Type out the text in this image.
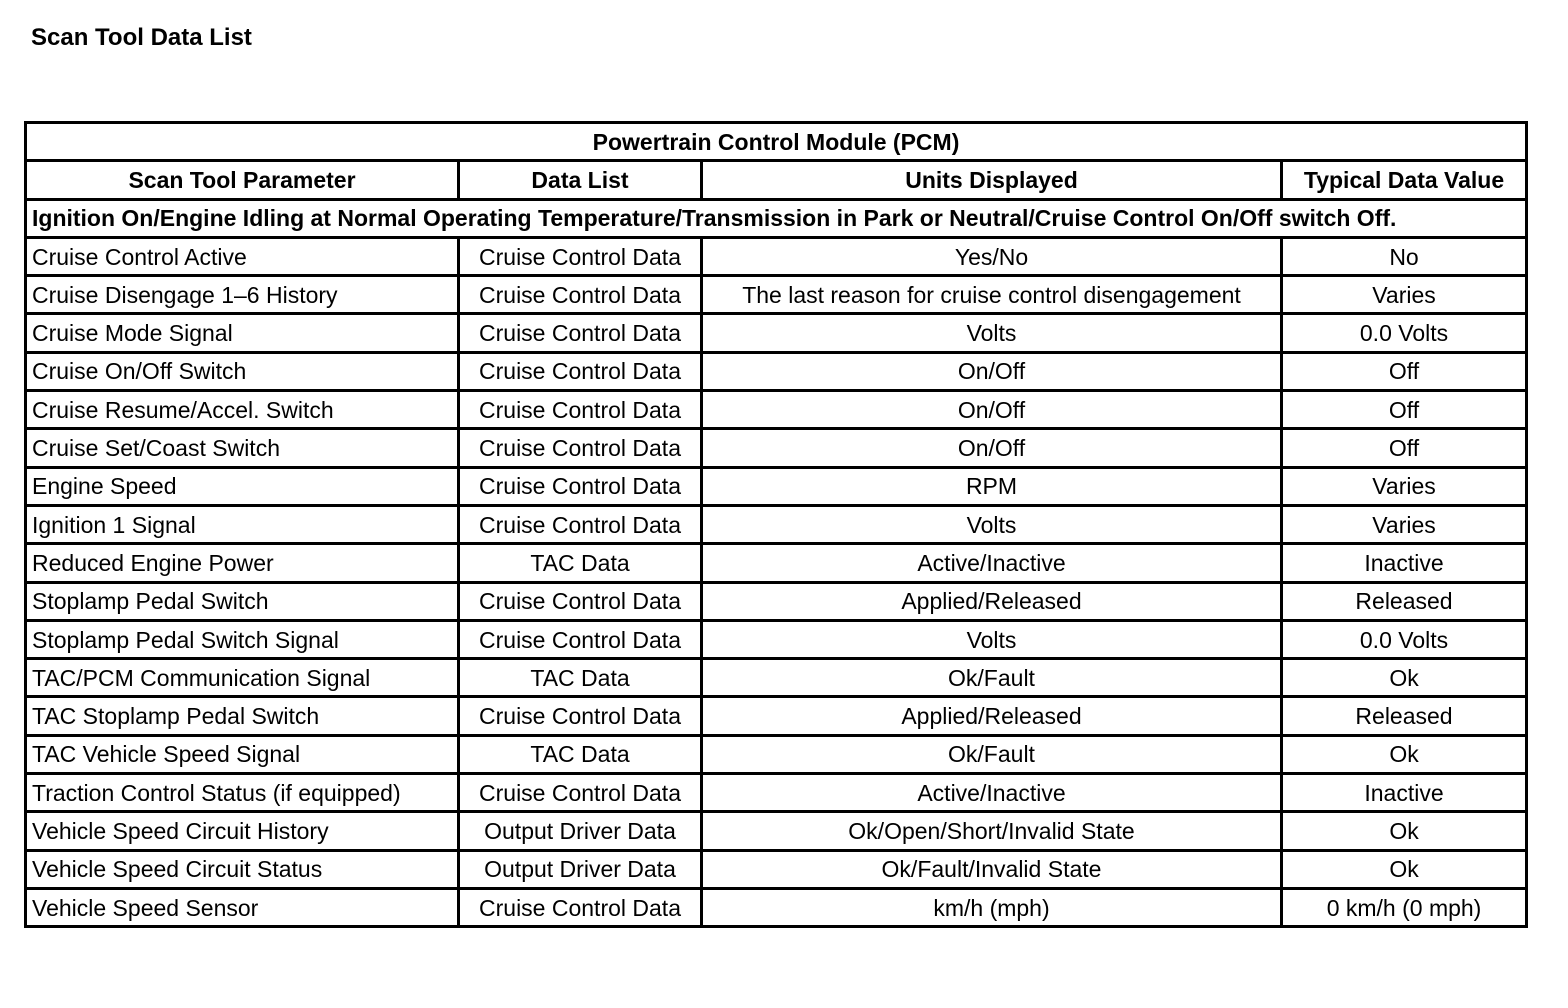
Scan Tool Data List
Powertrain Control Module (PCM)			
Scan Tool Parameter	Data List	Units Displayed	Typical Data Value
Ignition On/Engine Idling at Normal Operating Temperature/Transmission in Park or Neutral/Cruise Control On/Off switch Off.			
Cruise Control Active	Cruise Control Data	Yes/No	No
Cruise Disengage 1–6 History	Cruise Control Data	The last reason for cruise control disengagement	Varies
Cruise Mode Signal	Cruise Control Data	Volts	0.0 Volts
Cruise On/Off Switch	Cruise Control Data	On/Off	Off
Cruise Resume/Accel. Switch	Cruise Control Data	On/Off	Off
Cruise Set/Coast Switch	Cruise Control Data	On/Off	Off
Engine Speed	Cruise Control Data	RPM	Varies
Ignition 1 Signal	Cruise Control Data	Volts	Varies
Reduced Engine Power	TAC Data	Active/Inactive	Inactive
Stoplamp Pedal Switch	Cruise Control Data	Applied/Released	Released
Stoplamp Pedal Switch Signal	Cruise Control Data	Volts	0.0 Volts
TAC/PCM Communication Signal	TAC Data	Ok/Fault	Ok
TAC Stoplamp Pedal Switch	Cruise Control Data	Applied/Released	Released
TAC Vehicle Speed Signal	TAC Data	Ok/Fault	Ok
Traction Control Status (if equipped)	Cruise Control Data	Active/Inactive	Inactive
Vehicle Speed Circuit History	Output Driver Data	Ok/Open/Short/Invalid State	Ok
Vehicle Speed Circuit Status	Output Driver Data	Ok/Fault/Invalid State	Ok
Vehicle Speed Sensor	Cruise Control Data	km/h (mph)	0 km/h (0 mph)
